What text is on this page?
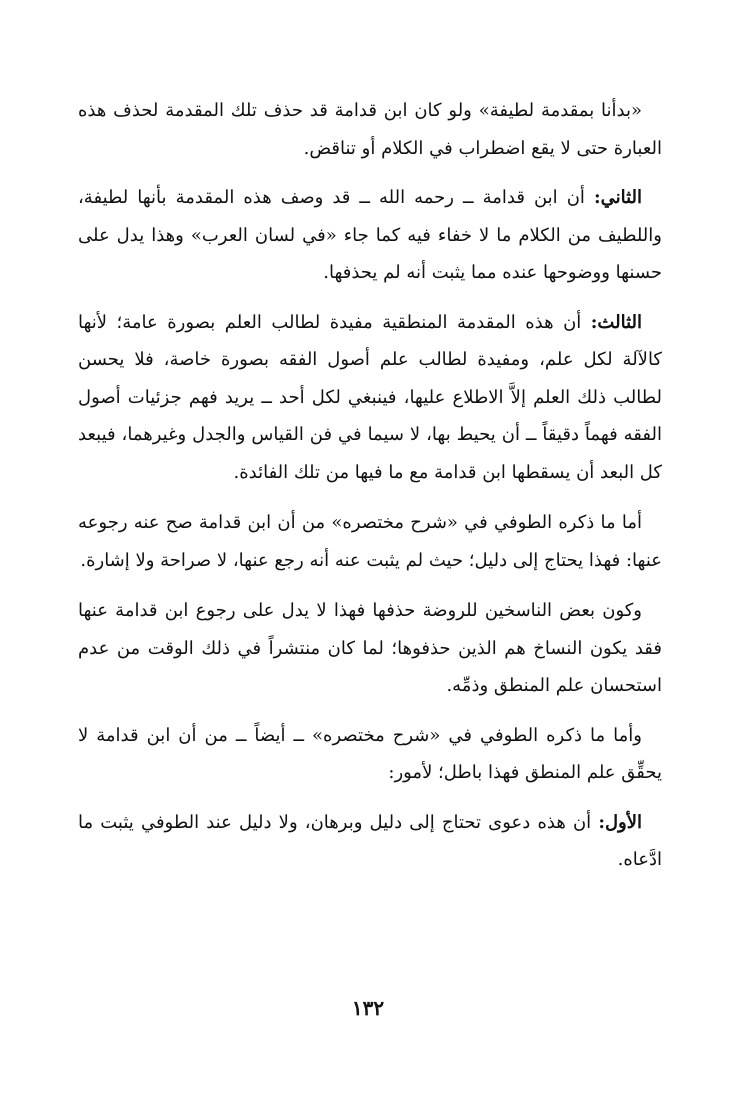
«بدأنا بمقدمة لطيفة» ولو كان ابن قدامة قد حذف تلك المقدمة لحذف هذه العبارة حتى لا يقع اضطراب في الكلام أو تناقض.

الثاني: أن ابن قدامة ــ رحمه الله ــ قد وصف هذه المقدمة بأنها لطيفة، واللطيف من الكلام ما لا خفاء فيه كما جاء «في لسان العرب» وهذا يدل على حسنها ووضوحها عنده مما يثبت أنه لم يحذفها.

الثالث: أن هذه المقدمة المنطقية مفيدة لطالب العلم بصورة عامة؛ لأنها كالآلة لكل علم، ومفيدة لطالب علم أصول الفقه بصورة خاصة، فلا يحسن لطالب ذلك العلم إلاَّ الاطلاع عليها، فينبغي لكل أحد ــ يريد فهم جزئيات أصول الفقه فهماً دقيقاً ــ أن يحيط بها، لا سيما في فن القياس والجدل وغيرهما، فيبعد كل البعد أن يسقطها ابن قدامة مع ما فيها من تلك الفائدة.

أما ما ذكره الطوفي في «شرح مختصره» من أن ابن قدامة صح عنه رجوعه عنها: فهذا يحتاج إلى دليل؛ حيث لم يثبت عنه أنه رجع عنها، لا صراحة ولا إشارة.

وكون بعض الناسخين للروضة حذفها فهذا لا يدل على رجوع ابن قدامة عنها فقد يكون النساخ هم الذين حذفوها؛ لما كان منتشراً في ذلك الوقت من عدم استحسان علم المنطق وذمِّه.

وأما ما ذكره الطوفي في «شرح مختصره» ــ أيضاً ــ من أن ابن قدامة لا يحقِّق علم المنطق فهذا باطل؛ لأمور:

الأول: أن هذه دعوى تحتاج إلى دليل وبرهان، ولا دليل عند الطوفي يثبت ما ادَّعاه.

١٣٢
